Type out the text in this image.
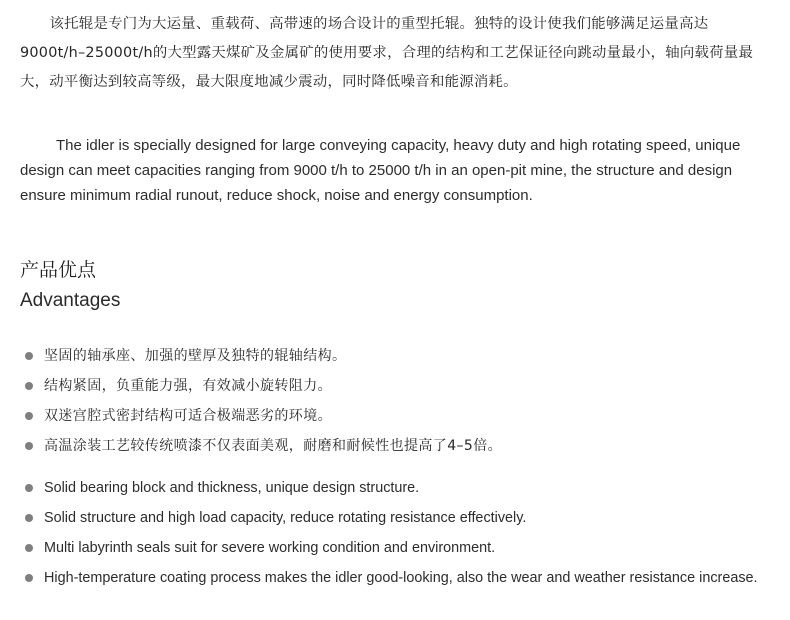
该托辊是专门为大运量、重载荷、高带速的场合设计的重型托辊。独特的设计使我们能够满足运量高达9000t/h–25000t/h的大型露天煤矿及金属矿的使用要求，合理的结构和工艺保证径向跳动量最小，轴向载荷量最大，动平衡达到较高等级，最大限度地减少震动，同时降低噪音和能源消耗。

The idler is specially designed for large conveying capacity, heavy duty and high rotating speed, unique design can meet capacities ranging from 9000 t/h to 25000 t/h in an open-pit mine, the structure and design ensure minimum radial runout, reduce shock, noise and energy consumption.

产品优点
Advantages
坚固的轴承座、加强的壁厚及独特的辊轴结构。
结构紧固，负重能力强，有效减小旋转阻力。
双迷宫腔式密封结构可适合极端恶劣的环境。
高温涂装工艺较传统喷漆不仅表面美观，耐磨和耐候性也提高了4–5倍。
Solid bearing block and thickness, unique design structure.
Solid structure and high load capacity, reduce rotating resistance effectively.
Multi labyrinth seals suit for severe working condition and environment.
High-temperature coating process makes the idler good-looking, also the wear and weather resistance increase.
